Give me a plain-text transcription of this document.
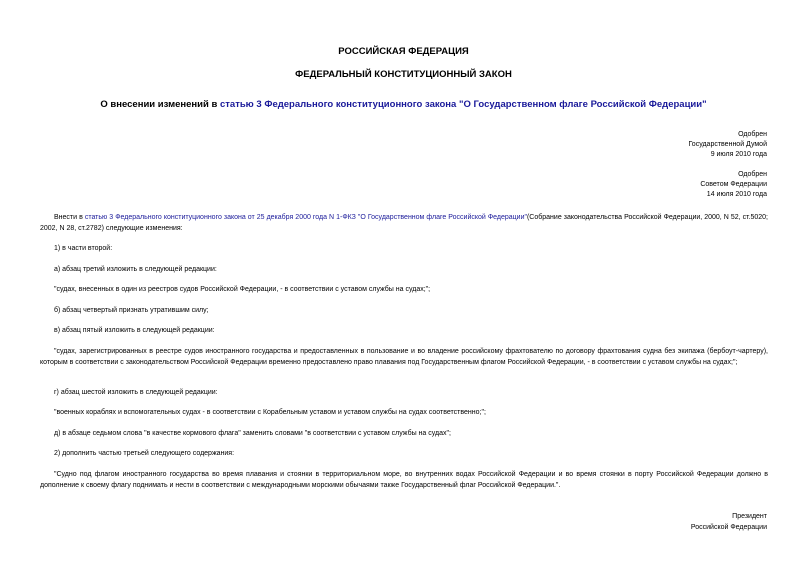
РОССИЙСКАЯ ФЕДЕРАЦИЯ
ФЕДЕРАЛЬНЫЙ КОНСТИТУЦИОННЫЙ ЗАКОН
О внесении изменений в статью 3 Федерального конституционного закона "О Государственном флаге Российской Федерации"
Одобрен
Государственной Думой
9 июля 2010 года
Одобрен
Советом Федерации
14 июля 2010 года
Внести в статью 3 Федерального конституционного закона от 25 декабря 2000 года N 1-ФКЗ "О Государственном флаге Российской Федерации"(Собрание законодательства Российской Федерации, 2000, N 52, ст.5020; 2002, N 28, ст.2782) следующие изменения:
1) в части второй:
а) абзац третий изложить в следующей редакции:
"судах, внесенных в один из реестров судов Российской Федерации, - в соответствии с уставом службы на судах;";
б) абзац четвертый признать утратившим силу;
в) абзац пятый изложить в следующей редакции:
"судах, зарегистрированных в реестре судов иностранного государства и предоставленных в пользование и во владение российскому фрахтователю по договору фрахтования судна без экипажа (бербоут-чартеру), которым в соответствии с законодательством Российской Федерации временно предоставлено право плавания под Государственным флагом Российской Федерации, - в соответствии с уставом службы на судах;";
г) абзац шестой изложить в следующей редакции:
"военных кораблях и вспомогательных судах - в соответствии с Корабельным уставом и уставом службы на судах соответственно;";
д) в абзаце седьмом слова "в качестве кормового флага" заменить словами "в соответствии с уставом службы на судах";
2) дополнить частью третьей следующего содержания:
"Судно под флагом иностранного государства во время плавания и стоянки в территориальном море, во внутренних водах Российской Федерации и во время стоянки в порту Российской Федерации должно в дополнение к своему флагу поднимать и нести в соответствии с международными морскими обычаями также Государственный флаг Российской Федерации.".
Президент
Российской Федерации
